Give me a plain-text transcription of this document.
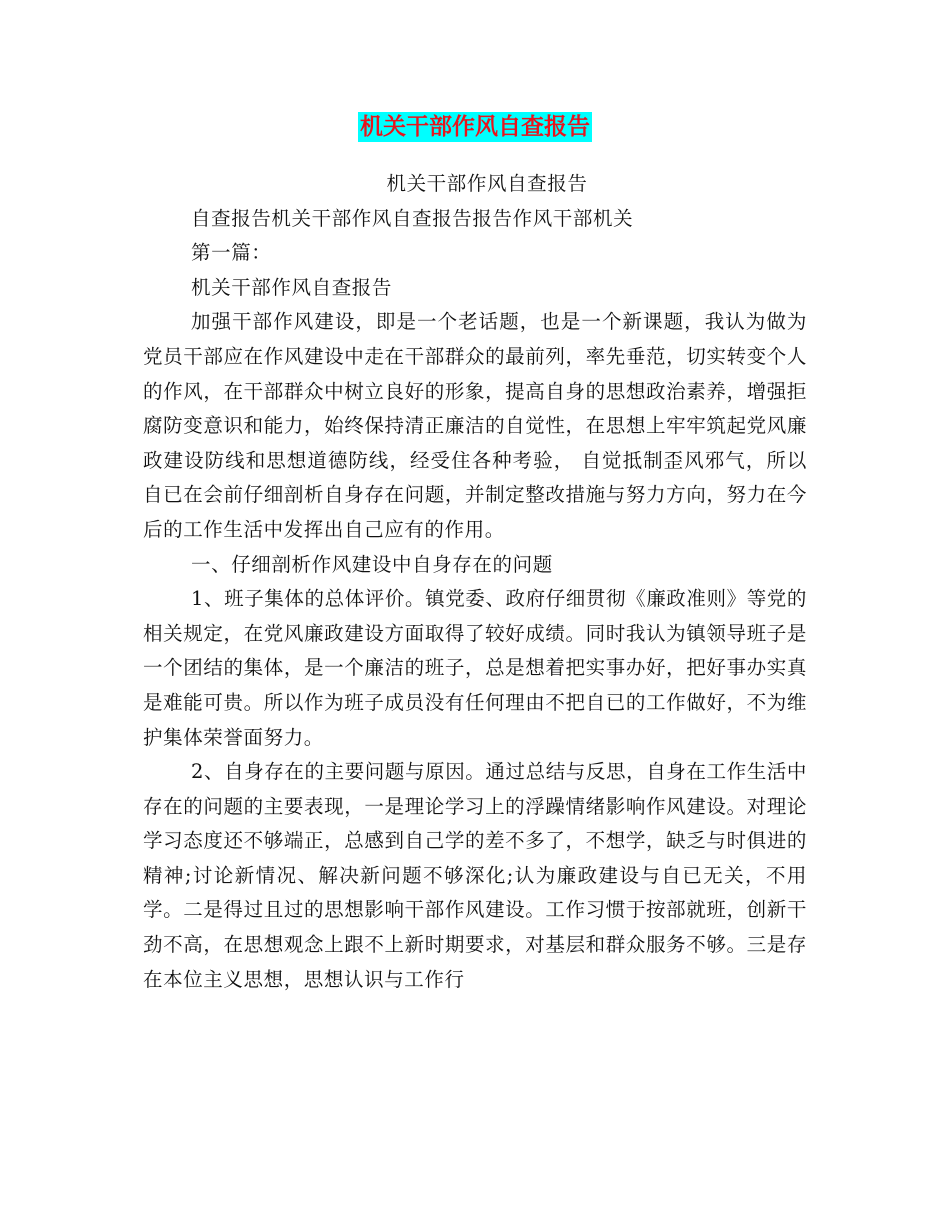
机关干部作风自查报告

机关干部作风自查报告

自查报告机关干部作风自查报告报告作风干部机关

第一篇：

机关干部作风自查报告

加强干部作风建设，即是一个老话题，也是一个新课题，我认为做为党员干部应在作风建设中走在干部群众的最前列，率先垂范，切实转变个人的作风，在干部群众中树立良好的形象，提高自身的思想政治素养，增强拒腐防变意识和能力，始终保持清正廉洁的自觉性，在思想上牢牢筑起党风廉政建设防线和思想道德防线，经受住各种考验， 自觉抵制歪风邪气，所以自已在会前仔细剖析自身存在问题，并制定整改措施与努力方向，努力在今后的工作生活中发挥出自己应有的作用。

一、仔细剖析作风建设中自身存在的问题

1、班子集体的总体评价。镇党委、政府仔细贯彻《廉政准则》等党的相关规定，在党风廉政建设方面取得了较好成绩。同时我认为镇领导班子是一个团结的集体，是一个廉洁的班子，总是想着把实事办好，把好事办实真是难能可贵。所以作为班子成员没有任何理由不把自已的工作做好，不为维护集体荣誉面努力。

2、自身存在的主要问题与原因。通过总结与反思，自身在工作生活中存在的问题的主要表现，一是理论学习上的浮躁情绪影响作风建设。对理论学习态度还不够端正，总感到自己学的差不多了，不想学，缺乏与时俱进的精神;讨论新情况、解决新问题不够深化;认为廉政建设与自已无关，不用学。二是得过且过的思想影响干部作风建设。工作习惯于按部就班，创新干劲不高，在思想观念上跟不上新时期要求，对基层和群众服务不够。三是存在本位主义思想，思想认识与工作行
